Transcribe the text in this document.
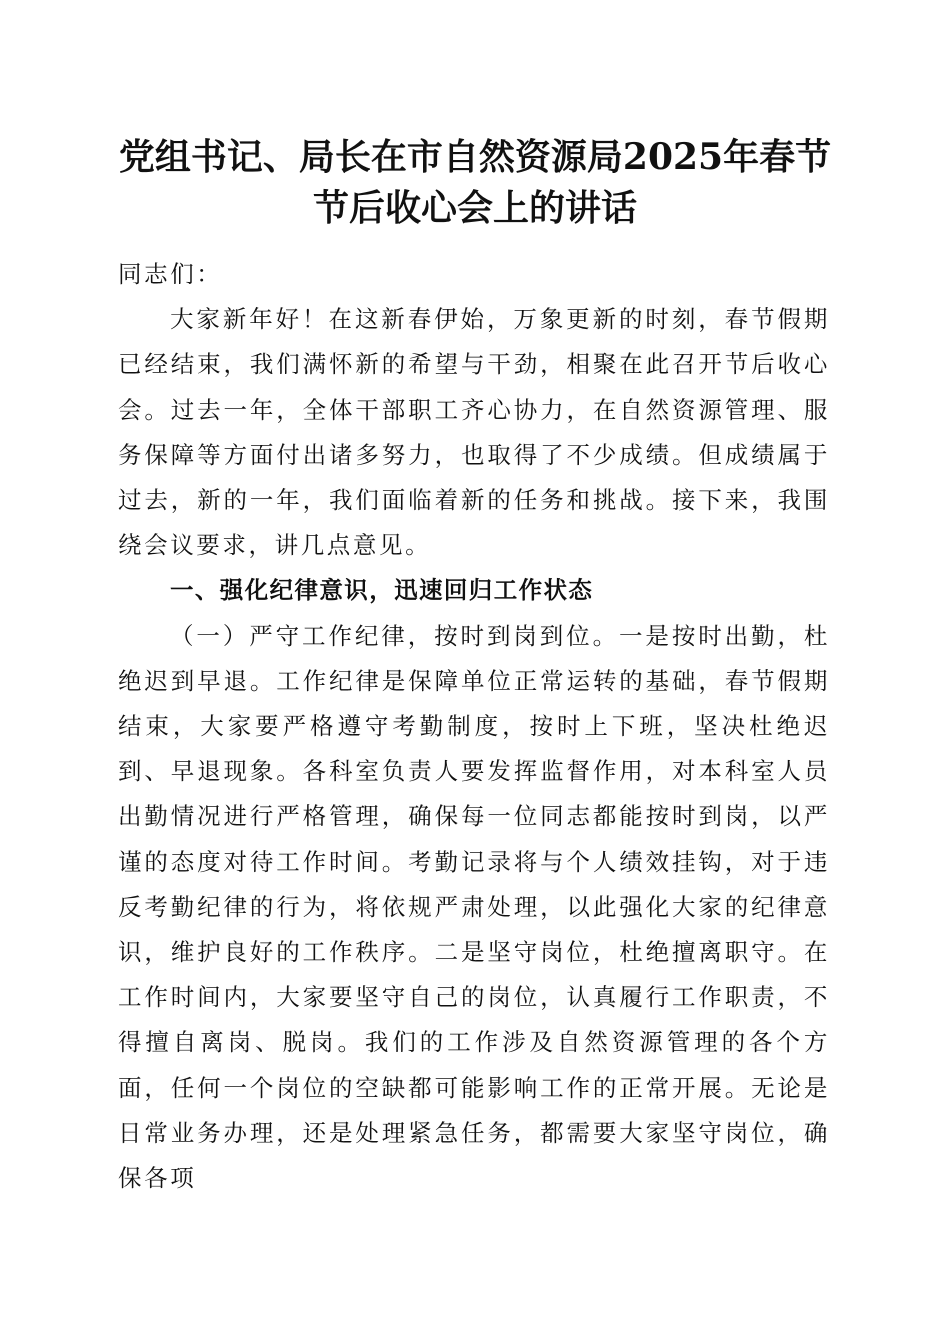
党组书记、局长在市自然资源局2025年春节
节后收心会上的讲话

同志们：

大家新年好！在这新春伊始，万象更新的时刻，春节假期已经结束，我们满怀新的希望与干劲，相聚在此召开节后收心会。过去一年，全体干部职工齐心协力，在自然资源管理、服务保障等方面付出诸多努力，也取得了不少成绩。但成绩属于过去，新的一年，我们面临着新的任务和挑战。接下来，我围绕会议要求，讲几点意见。

一、强化纪律意识，迅速回归工作状态

（一）严守工作纪律，按时到岗到位。一是按时出勤，杜绝迟到早退。工作纪律是保障单位正常运转的基础，春节假期结束，大家要严格遵守考勤制度，按时上下班，坚决杜绝迟到、早退现象。各科室负责人要发挥监督作用，对本科室人员出勤情况进行严格管理，确保每一位同志都能按时到岗，以严谨的态度对待工作时间。考勤记录将与个人绩效挂钩，对于违反考勤纪律的行为，将依规严肃处理，以此强化大家的纪律意识，维护良好的工作秩序。二是坚守岗位，杜绝擅离职守。在工作时间内，大家要坚守自己的岗位，认真履行工作职责，不得擅自离岗、脱岗。我们的工作涉及自然资源管理的各个方面，任何一个岗位的空缺都可能影响工作的正常开展。无论是日常业务办理，还是处理紧急任务，都需要大家坚守岗位，确保各项
